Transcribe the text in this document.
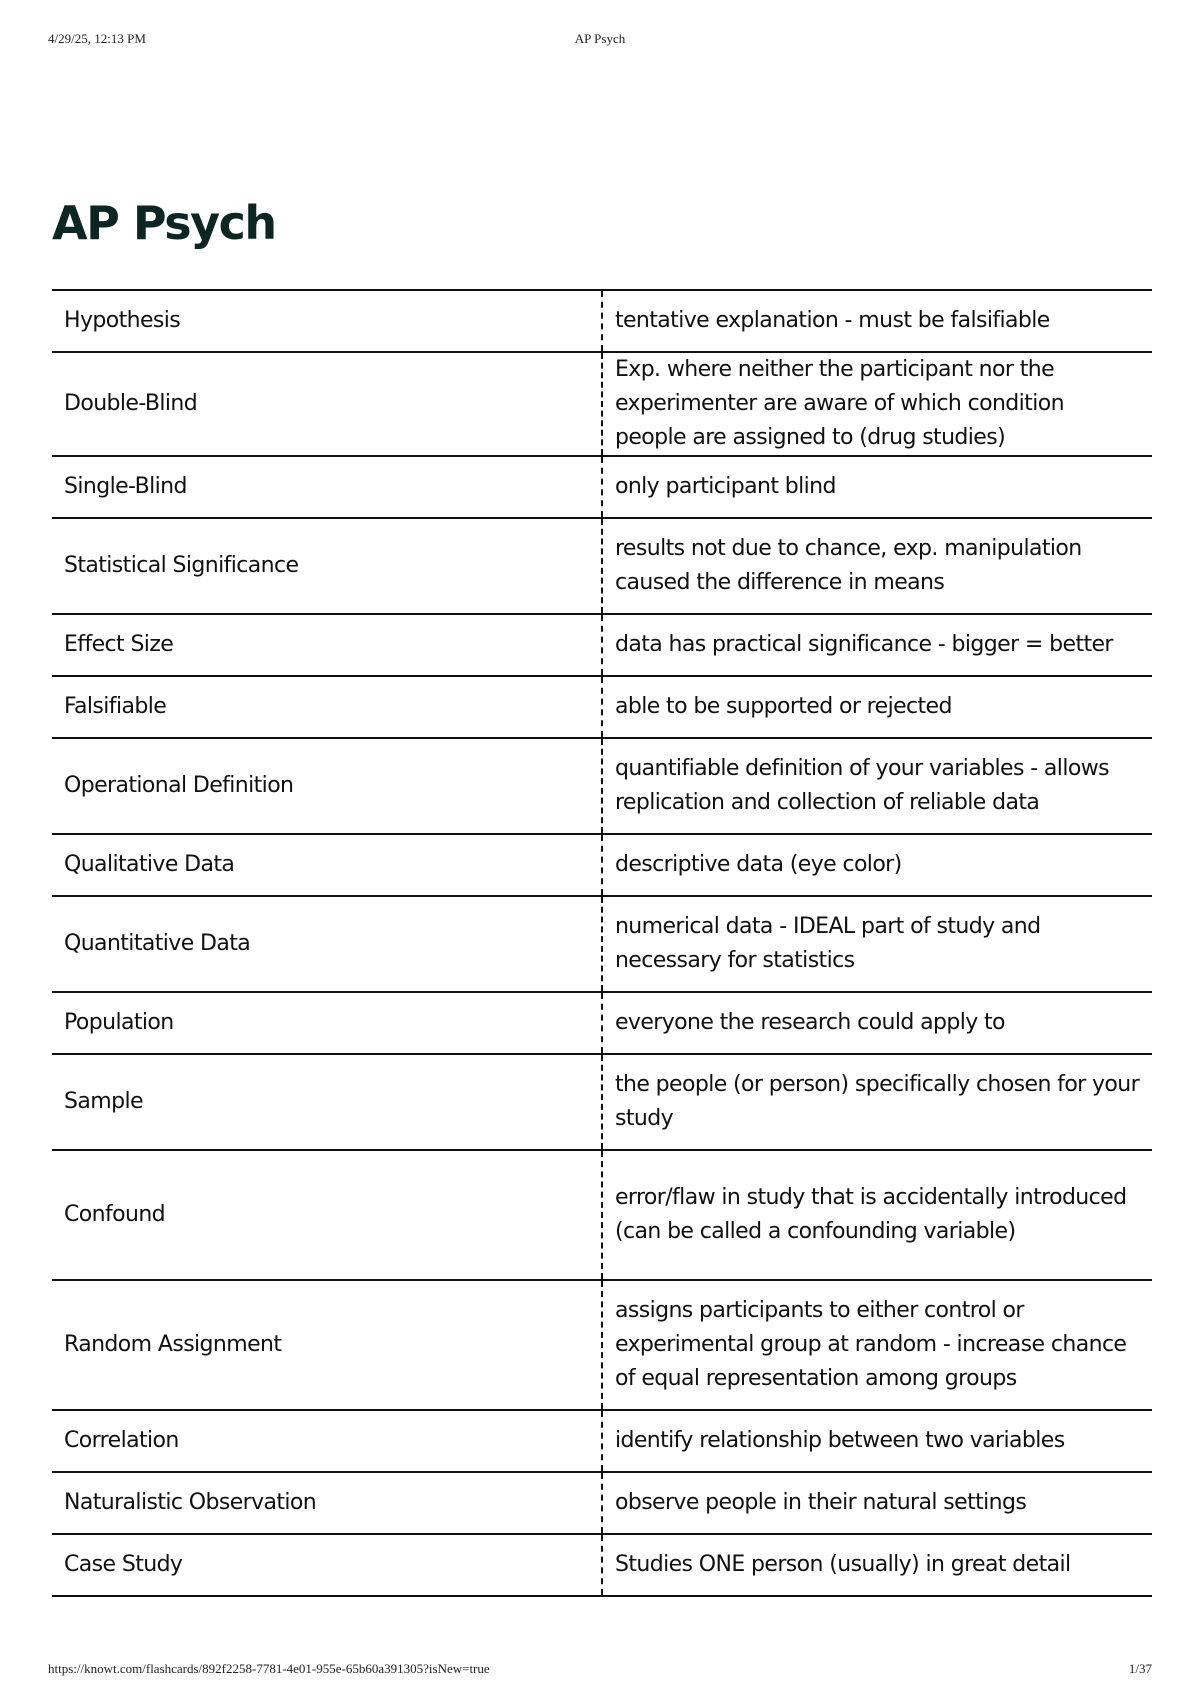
4/29/25, 12:13 PM	AP Psych
AP Psych
Hypothesis	tentative explanation - must be falsifiable
Double-Blind	Exp. where neither the participant nor the experimenter are aware of which condition people are assigned to (drug studies)
Single-Blind	only participant blind
Statistical Significance	results not due to chance, exp. manipulation caused the difference in means
Effect Size	data has practical significance - bigger = better
Falsifiable	able to be supported or rejected
Operational Definition	quantifiable definition of your variables - allows replication and collection of reliable data
Qualitative Data	descriptive data (eye color)
Quantitative Data	numerical data - IDEAL part of study and necessary for statistics
Population	everyone the research could apply to
Sample	the people (or person) specifically chosen for your study
Confound	error/flaw in study that is accidentally introduced (can be called a confounding variable)
Random Assignment	assigns participants to either control or experimental group at random - increase chance of equal representation among groups
Correlation	identify relationship between two variables
Naturalistic Observation	observe people in their natural settings
Case Study	Studies ONE person (usually) in great detail
https://knowt.com/flashcards/892f2258-7781-4e01-955e-65b60a391305?isNew=true	1/37
